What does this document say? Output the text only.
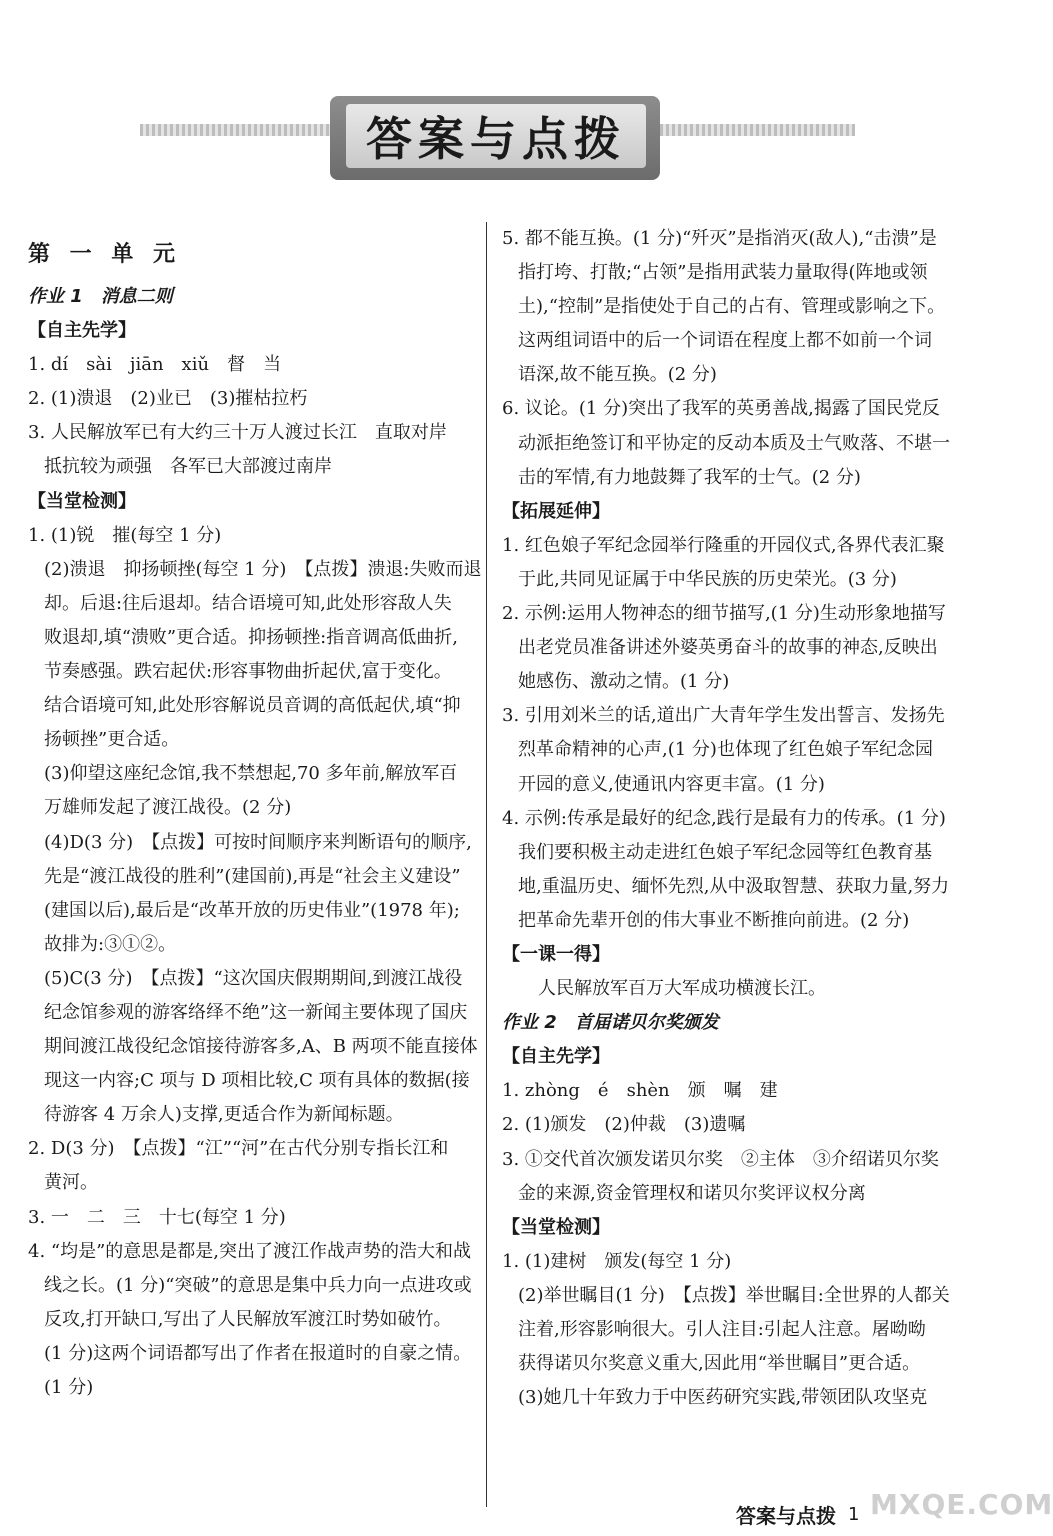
答案与点拨
第 一 单 元
作业 1　消息二则
【自主先学】
1. dí　sài　jiān　xiǔ　督　当
2. (1)溃退　(2)业已　(3)摧枯拉朽
3. 人民解放军已有大约三十万人渡过长江　直取对岸
抵抗较为顽强　各军已大部渡过南岸
【当堂检测】
1. (1)锐　摧(每空 1 分)
(2)溃退　抑扬顿挫(每空 1 分)　【点拨】溃退:失败而退
却。后退:往后退却。结合语境可知,此处形容敌人失
败退却,填“溃败”更合适。抑扬顿挫:指音调高低曲折,
节奏感强。跌宕起伏:形容事物曲折起伏,富于变化。
结合语境可知,此处形容解说员音调的高低起伏,填“抑
扬顿挫”更合适。
(3)仰望这座纪念馆,我不禁想起,70 多年前,解放军百
万雄师发起了渡江战役。(2 分)
(4)D(3 分)　【点拨】可按时间顺序来判断语句的顺序,
先是“渡江战役的胜利”(建国前),再是“社会主义建设”
(建国以后),最后是“改革开放的历史伟业”(1978 年);
故排为:③①②。
(5)C(3 分)　【点拨】“这次国庆假期期间,到渡江战役
纪念馆参观的游客络绎不绝”这一新闻主要体现了国庆
期间渡江战役纪念馆接待游客多,A、B 两项不能直接体
现这一内容;C 项与 D 项相比较,C 项有具体的数据(接
待游客 4 万余人)支撑,更适合作为新闻标题。
2. D(3 分)　【点拨】“江”“河”在古代分别专指长江和
黄河。
3. 一　二　三　十七(每空 1 分)
4. “均是”的意思是都是,突出了渡江作战声势的浩大和战
线之长。(1 分)“突破”的意思是集中兵力向一点进攻或
反攻,打开缺口,写出了人民解放军渡江时势如破竹。
(1 分)这两个词语都写出了作者在报道时的自豪之情。
(1 分)
5. 都不能互换。(1 分)“歼灭”是指消灭(敌人),“击溃”是
指打垮、打散;“占领”是指用武装力量取得(阵地或领
土),“控制”是指使处于自己的占有、管理或影响之下。
这两组词语中的后一个词语在程度上都不如前一个词
语深,故不能互换。(2 分)
6. 议论。(1 分)突出了我军的英勇善战,揭露了国民党反
动派拒绝签订和平协定的反动本质及士气败落、不堪一
击的军情,有力地鼓舞了我军的士气。(2 分)
【拓展延伸】
1. 红色娘子军纪念园举行隆重的开园仪式,各界代表汇聚
于此,共同见证属于中华民族的历史荣光。(3 分)
2. 示例:运用人物神态的细节描写,(1 分)生动形象地描写
出老党员准备讲述外婆英勇奋斗的故事的神态,反映出
她感伤、激动之情。(1 分)
3. 引用刘米兰的话,道出广大青年学生发出誓言、发扬先
烈革命精神的心声,(1 分)也体现了红色娘子军纪念园
开园的意义,使通讯内容更丰富。(1 分)
4. 示例:传承是最好的纪念,践行是最有力的传承。(1 分)
我们要积极主动走进红色娘子军纪念园等红色教育基
地,重温历史、缅怀先烈,从中汲取智慧、获取力量,努力
把革命先辈开创的伟大事业不断推向前进。(2 分)
【一课一得】
人民解放军百万大军成功横渡长江。
作业 2　首届诺贝尔奖颁发
【自主先学】
1. zhòng　é　shèn　颁　嘱　建
2. (1)颁发　(2)仲裁　(3)遗嘱
3. ①交代首次颁发诺贝尔奖　②主体　③介绍诺贝尔奖
金的来源,资金管理权和诺贝尔奖评议权分离
【当堂检测】
1. (1)建树　颁发(每空 1 分)
(2)举世瞩目(1 分)　【点拨】举世瞩目:全世界的人都关
注着,形容影响很大。引人注目:引起人注意。屠呦呦
获得诺贝尔奖意义重大,因此用“举世瞩目”更合适。
(3)她几十年致力于中医药研究实践,带领团队攻坚克
答案与点拨 1 MXQE.COM
